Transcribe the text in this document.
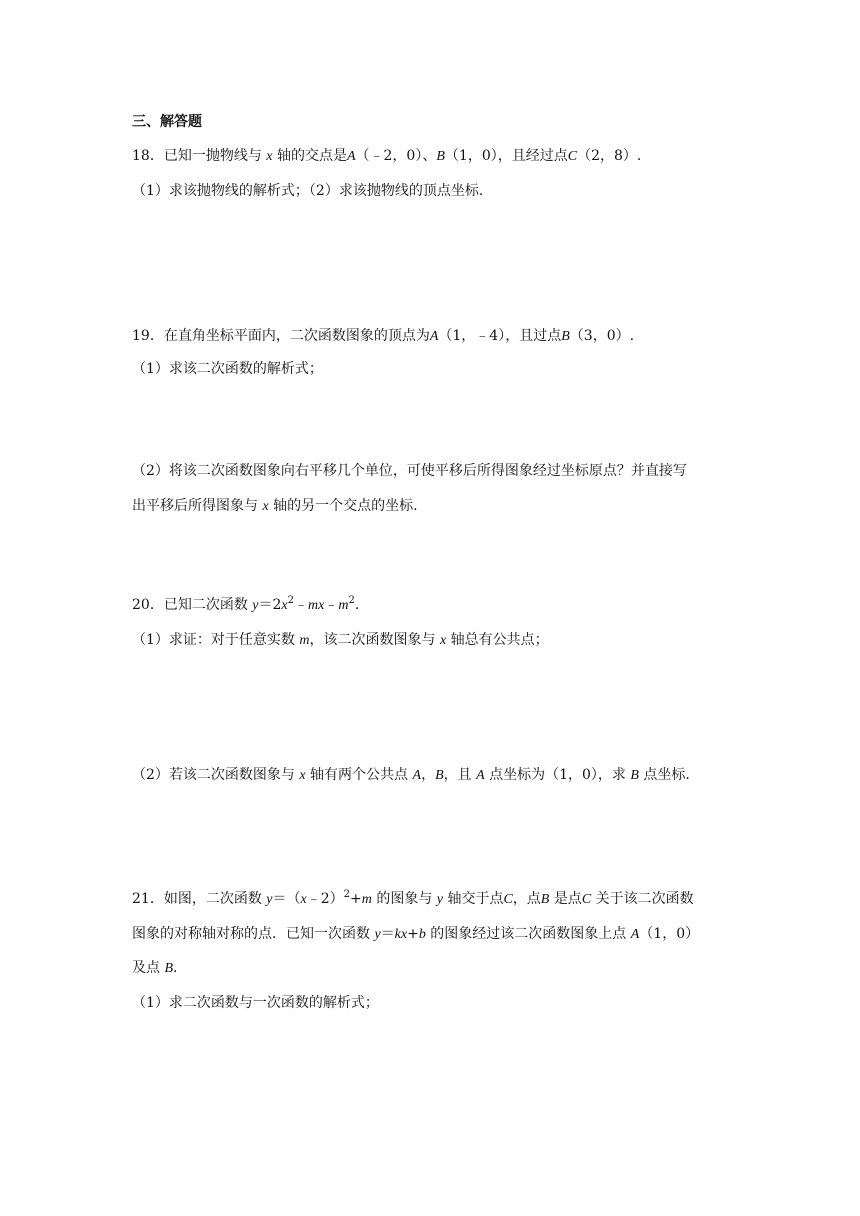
三、解答题
18．已知一抛物线与 x 轴的交点是A（﹣2，0）、B（1，0），且经过点C（2，8）.
（1）求该抛物线的解析式；（2）求该抛物线的顶点坐标.
19．在直角坐标平面内，二次函数图象的顶点为A（1，﹣4），且过点B（3，0）.
（1）求该二次函数的解析式；
（2）将该二次函数图象向右平移几个单位，可使平移后所得图象经过坐标原点？并直接写
出平移后所得图象与 x 轴的另一个交点的坐标.
20．已知二次函数 $y=2x^2﹣mx﹣m^2$.
（1）求证：对于任意实数 m，该二次函数图象与 x 轴总有公共点；
（2）若该二次函数图象与 x 轴有两个公共点 A，B，且 A 点坐标为（1，0），求 B 点坐标.
21．如图，二次函数 y＝（x﹣2）$^2$+m 的图象与 y 轴交于点C，点B 是点C 关于该二次函数
图象的对称轴对称的点．已知一次函数 y＝kx+b 的图象经过该二次函数图象上点 A（1，0）
及点 B.
（1）求二次函数与一次函数的解析式；
